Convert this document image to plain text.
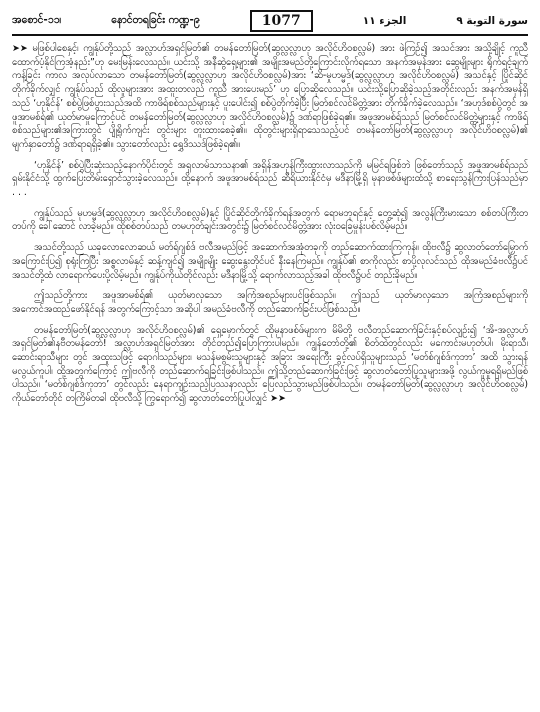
အစောင်-၁၁၊	နောင်တရခြင်း ကဏ္ဍ-၉	1077	الجزء ١١	سورة التوبة ٩

➤➤ မဖြစ်ပါစေနှင့်၊ ကျွန်ုပ်တို့သည် အလ္လာဟ်အရှင်မြတ်၏ တမန်တော်မြတ်(ဆွလ္လလ္လာဟု အလိုင်ဟိဝစလ္လမ်) အား ဖဲကြဉ်၍ အသင်အား အသို့ချိုင့် ကူညီထောက်ပံ့နိုင်ကြအံ့နည်း”ဟု မေးမြန်းလေသည်။ ယင်းသို့ အနီဆွဲရှေ့များ၏ အမျိုးအမည်တို့ကြောင်းလိုက်ရသော အနက်အမှန်အား ဆွေမျိုးများ ရိုက်ရင့်ချက်ကန့်ခြင်း ကာလ အလုပ်လာသော တမန်တော်မြတ်(ဆွလ္လလ္လာဟု အလိုင်ဟိဝစလ္လမ်)အား ‘ဆိ-မှုဟမ္မဒ်(ဆွလ္လလ္လာဟု အလိုင်ဟိဝစလ္လမ်) အသင်နှင့် ပြိုင်ဆိုင်တိုက်ခိုက်လျှင် ကျွန်ုပ်သည် ထိုလူများအား အထူးတလည် ကူညီ အားပေးမည်’ ဟု ပြောဆိုလေသည်။ ယင်းသို့ပြောဆိုခဲ့သည့်အတိုင်းလည်း အနက်အမှန်ရှိသည် ‘ဟုနိုင်န်’ စစ်ပွဲဖြစ်ပွားသည်အထိ ကာဖိရ်စစ်သည်များနှင့် ပူးပေါင်း၍ စစ်ပွဲတိုက်ခဲ့ပြီး မြတ်စင်လင်မိတ္တဲ့အား တိုက်ခိုက်ခဲ့လေသည်။ ‘အဟုဒ်စစ်ပွဲတွင် အဖူအာမစ်ရ်၏ ယုတ်မာမှုကြောင့်ပင် တမန်တော်မြတ်(ဆွလ္လလ္လာဟု အလိုင်ဟိဝစလ္လမ်)၌ ဒဏ်ရာဖြစ်ခဲ့ရ၏။ အဖူအာမစ်ရ်သည် မြတ်စင်လင်မိတ္တဲ့များနှင့် ကာဖိရ် စစ်သည်များ၏အကြားတွင် ပျို့ရိုက်ကျင်း တွင်းများ တူးထားစေခဲ့၏။ ထိုတွင်းများရှိရာသေသည့်ပင် တမန်တော်မြတ်(ဆွလ္လလ္လာဟု အလိုင်ဟိဝစလ္လမ်)၏ မျက်နှာတော်၌ ဒဏ်ရာရရှိခဲ့၏။ သွားတော်လည်း ရွှေဒိဿဒ်ဖြစ်ခဲ့ရ၏။

‘ဟုနိုင်န်’ စစ်ပွဲပြီးဆုံးသည့်နောက်ပိုင်းတွင် အရှလာမ်သာသနာ၏ အရှိန်အဟုန်ကြီးထွားလာသည်ကို မမြင်ရဖြစ်ဘဲ ဖြစ်တော်သည့် အဖူအာမစ်ရ်သည် ရှမ်းနိုင်ငံသို့ ထွက်ပြေးတိမ်းရှောင်သွားခဲ့လေသည်။ ထို့နောက် အဖူအာမစ်ရ်သည် ဆီရိယားနိုင်ငံမှ မဒီနာမြို့ရှိ မုနာဖစ်ဖ်များထံသို့ စာရေးသွန်ကြားပြန်သည်မှာ . . .

ကျွန်ုပ်သည် မုဟမ္မဒ်(ဆွလ္လလ္လာဟု အလိုင်ဟိဝစလ္လမ်)နှင့် ပြိုင်ဆိုင်တိုက်ခိုက်ရန်အတွက် ရောမဘုရင်နှင့် တွေ့ဆုံ၍ အလွန်ကြီးမားသော စစ်တပ်ကြီးတတပ်ကို ခေါ်ဆောင် လာခဲ့မည်။ ထိုစစ်တပ်သည် တမဟုတ်ချင်းအတွင်း၌ မြတ်စင်လင်မိတ္တဲ့အား လုံးဝခြေမှုန်းပစ်လိမ့်မည်။

အသင်တို့သည် ယခုလောလောဆယ် မတ်ရ်ဂျစ်ဒ် ဗလီအမည်ဖြင့် အဆောက်အအုံတခုကို တည်ဆောက်ထားကြကုန်။ ထိုဗလီ၌ ဆွလာတ်တော်မြှောက် အကြောင်းပြ၍ စုရုံးကြပြီး အစ္စလာမ်နှင့် ဆန့်ကျင်၍ အမျိုးမျိုး ဆွေးနွေးတိုင်ပင် နီးနေကြမည်။ ကျွန်ုပ်၏ စာကိုလည်း စာပို့လုလင်သည် ထိုအမည်ခံဗလီ၌ပင် အသင်တို့ထံ လာရောက်ပေးပို့လိမ့်မည်။ ကျွန်ုပ်ကိုယ်တိုင်လည်း မဒီနာမြို့သို့ ရောက်လာသည့်အခါ ထိုဗလီ၌ပင် တည်းခိုမည်။

ဤသည်တို့ကား အဖူအာမစ်ရ်၏ ယုတ်မာလှသော အကြံအစည်များပင်ဖြစ်သည်။ ဤသည် ယုတ်မာလှသော အကြံအစည်များကို အကောင်အထည်ဖော်နိုင်ရန် အတွက်ကြောင့်သာ အဆိုပါ အမည်ခံဗလီကို တည်ဆောက်ခြင်းပင်ဖြစ်သည်။

တမန်တော်မြတ်(ဆွလ္လလ္လာဟု အလိုင်ဟိဝစလ္လမ်)၏ ရှေ့မှောက်တွင် ထိုမုနာဖစ်ဖ်များက မိမိတို့ ဗလီတည်ဆောက်ခြင်းနှင့်စပ်လျဉ်း၍ ‘အိ-အလ္လာဟ်အရှင်မြတ်၏နဗီတမန်တော်! အလ္လာဟ်အရှင်မြတ်အား တိုင်တည်၍ပြောကြားပါမည်။ ကျွန်တော်တို့၏ စိတ်ထဲတွင်လည်း မကောင်းမဟုတ်ပါ၊ မိုးရာသီ၊ ဆောင်းရာသီများ တွင် အထူးသဖြင့် ရောဂါသည်များ၊ မသန်မစွမ်းသူများနှင့် အခြား အရေးကြီး ခွင့်လပ်ရှိသူများသည် ‘မတ်စ်ဂျစ်ဒ်ကုဘာ’ အထိ သွားရန်မလွယ်ကူပါ၊ ထို့အတွက်ကြောင့် ဤဗလီကို တည်ဆောက်ရခြင်းဖြစ်ပါသည်။ ဤသို့တည်ဆောက်ခြင်းဖြင့် ဆွလာတ်တော်ပြုသူများအဖို့ လွယ်ကူမှုရရှိမည်ဖြစ်ပါသည်။ ‘မတ်စ်ဂျစ်ဒ်ကုဘာ’ တွင်လည်း နေရာကျဉ်းသည့်ပြဿနာလည်း ပြေလည်သွားမည်ဖြစ်ပါသည်။ တမန်တော်မြတ်(ဆွလ္လလ္လာဟု အလိုင်ဟိဝစလ္လမ်) ကိုယ်တော်တိုင် တကြိမ်တခါ ထိုဗလီသို့ ကြွရောက်၍ ဆွလာတ်တော်ပြုပါလျှင် ➤➤
